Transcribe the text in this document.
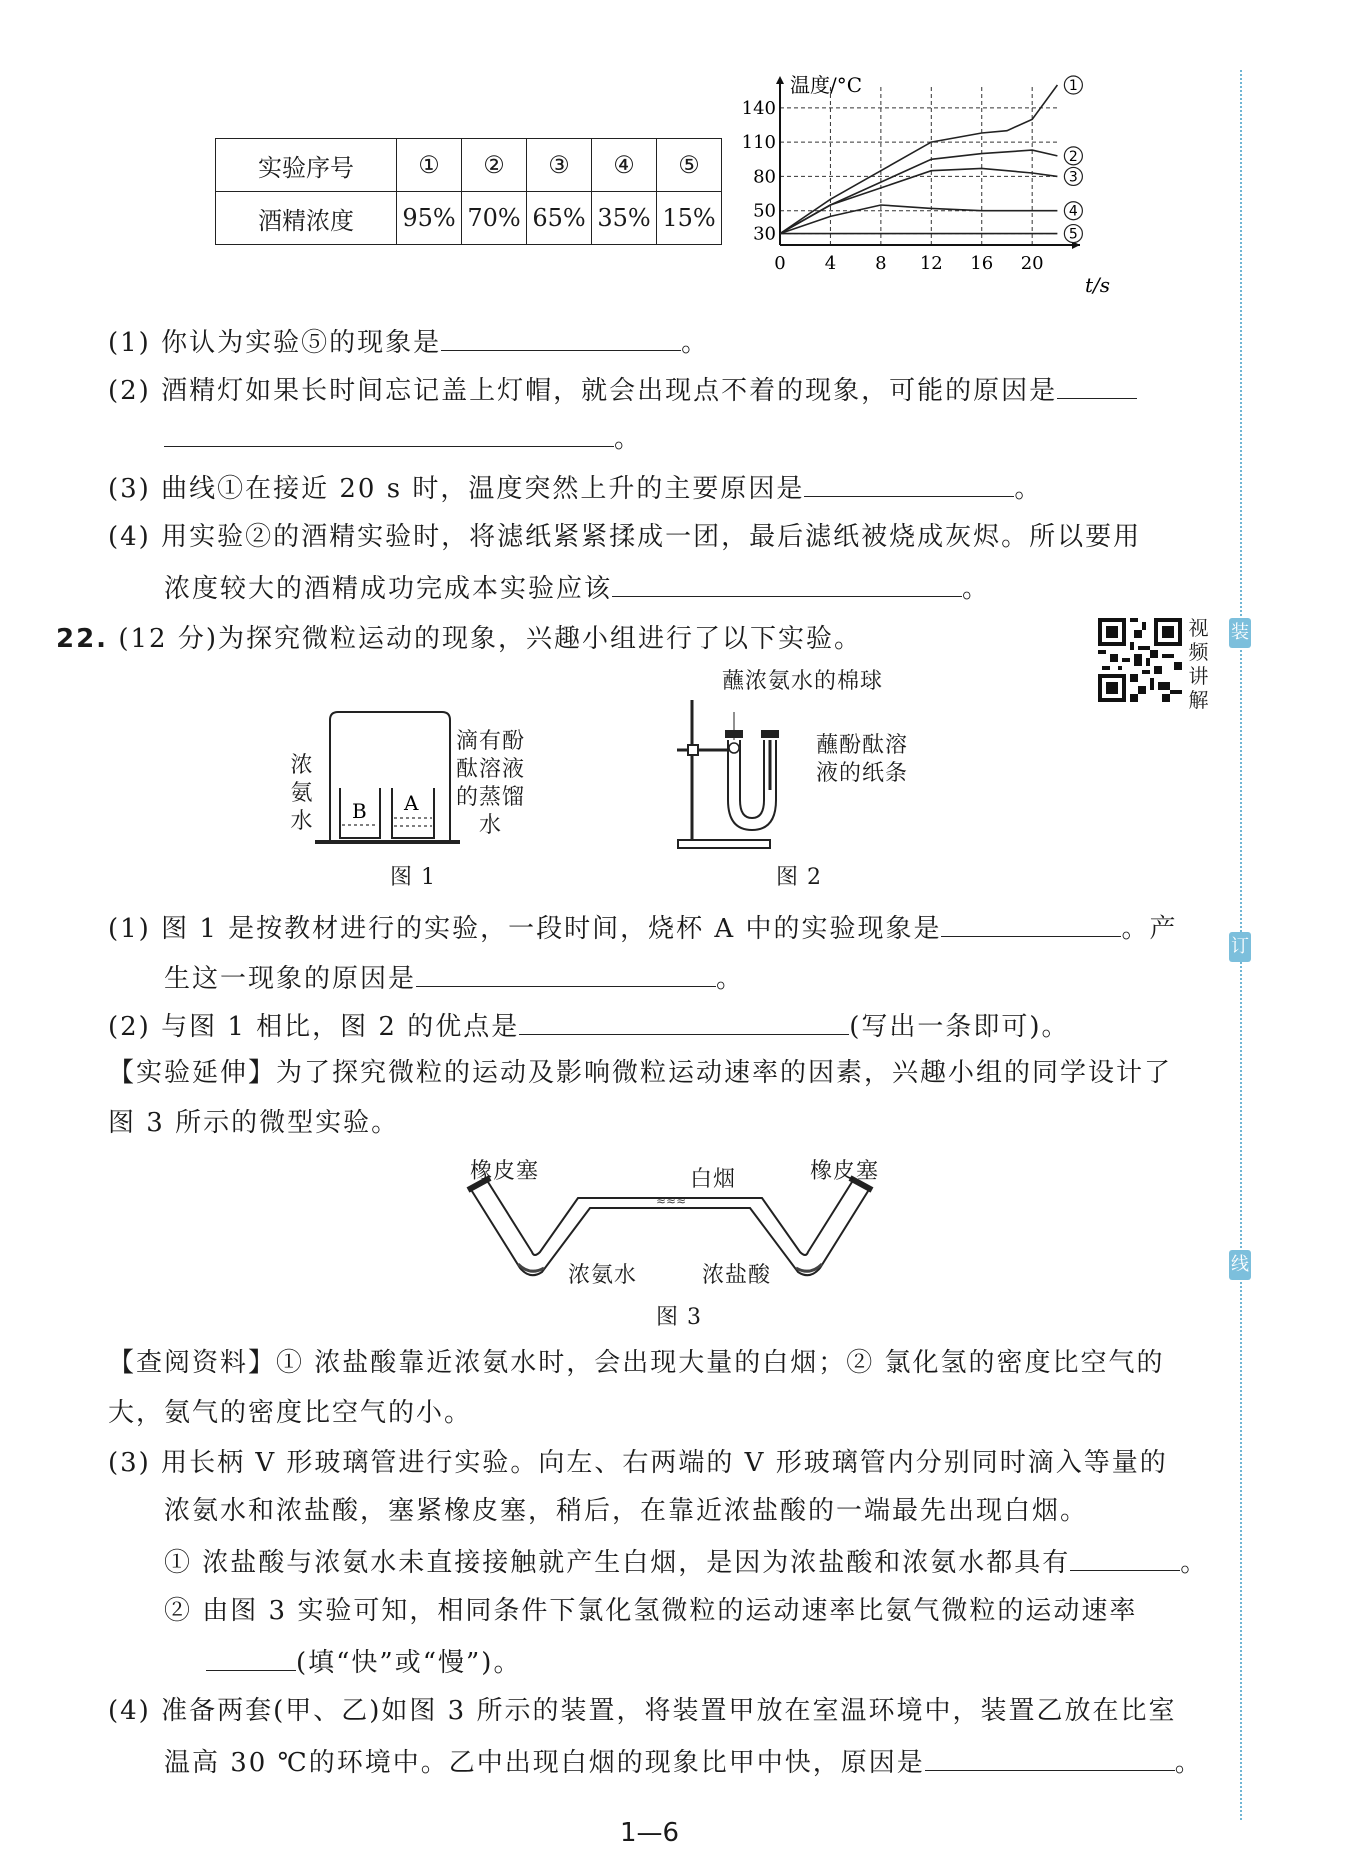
实验序号	①	②	③	④	⑤
酒精浓度	95%	70%	65%	35%	15%
温度/°C
t/s
0 4 8 12 16 20
30
50
80
110
140
1
2
3
4
5
(1) 你认为实验⑤的现象是	。
(2) 酒精灯如果长时间忘记盖上灯帽，就会出现点不着的现象，可能的原因是
。
(3) 曲线①在接近 20 s 时，温度突然上升的主要原因是	。
(4) 用实验②的酒精实验时，将滤纸紧紧揉成一团，最后滤纸被烧成灰烬。所以要用
浓度较大的酒精成功完成本实验应该	。
22. (12 分)为探究微粒运动的现象，兴趣小组进行了以下实验。	视
频
讲
解
B A
浓
氨
水
滴有酚
酞溶液
的蒸馏
水
图 1
蘸浓氨水的棉球
蘸酚酞溶
液的纸条
图 2
(1) 图 1 是按教材进行的实验，一段时间，烧杯 A 中的实验现象是	。产
生这一现象的原因是	。
(2) 与图 1 相比，图 2 的优点是	(写出一条即可)。
【实验延伸】为了探究微粒的运动及影响微粒运动速率的因素，兴趣小组的同学设计了
图 3 所示的微型实验。
≈≈≈
橡皮塞	橡皮塞
白烟
浓氨水	浓盐酸
图 3
【查阅资料】① 浓盐酸靠近浓氨水时，会出现大量的白烟；② 氯化氢的密度比空气的
大，氨气的密度比空气的小。
(3) 用长柄 V 形玻璃管进行实验。向左、右两端的 V 形玻璃管内分别同时滴入等量的
浓氨水和浓盐酸，塞紧橡皮塞，稍后，在靠近浓盐酸的一端最先出现白烟。
① 浓盐酸与浓氨水未直接接触就产生白烟，是因为浓盐酸和浓氨水都具有	。
② 由图 3 实验可知，相同条件下氯化氢微粒的运动速率比氨气微粒的运动速率
(填“快”或“慢”)。
(4) 准备两套(甲、乙)如图 3 所示的装置，将装置甲放在室温环境中，装置乙放在比室
温高 30 ℃的环境中。乙中出现白烟的现象比甲中快，原因是	。
1—6
装
订
线
